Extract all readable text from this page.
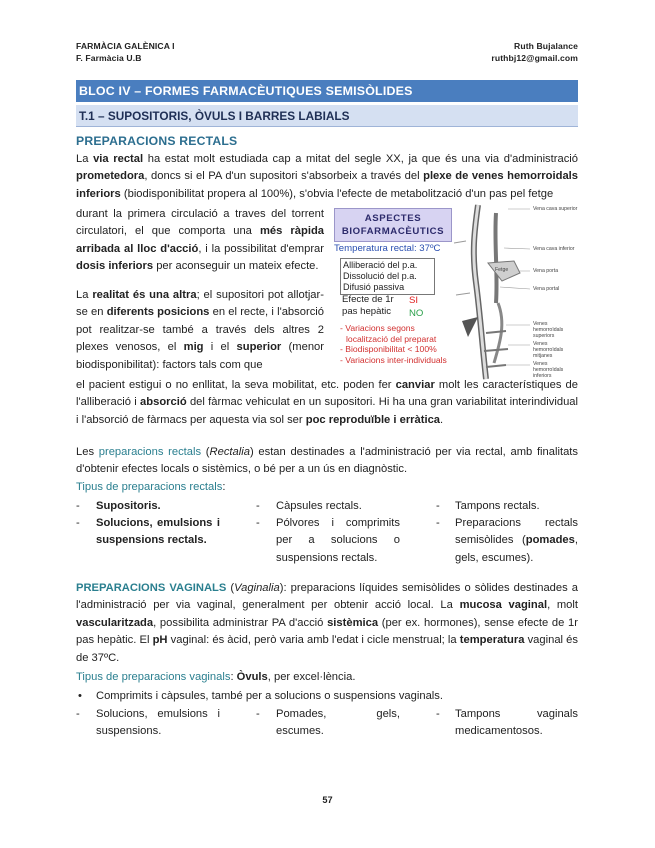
FARMÀCIA GALÈNICA I
F. Farmàcia U.B
Ruth Bujalance
ruthbj12@gmail.com
BLOC IV – FORMES FARMACÈUTIQUES SEMISÒLIDES
T.1 – SUPOSITORIS, ÒVULS I BARRES LABIALS
PREPARACIONS RECTALS
La via rectal ha estat molt estudiada cap a mitat del segle XX, ja que és una via d'administració prometedora, doncs si el PA d'un supositori s'absorbeix a través del plexe de venes hemorroidals inferiors (biodisponibilitat propera al 100%), s'obvia l'efecte de metabolització d'un pas pel fetge
durant la primera circulació a traves del torrent circulatori, el que comporta una més ràpida arribada al lloc d'acció, i la possibilitat d'emprar dosis inferiors per aconseguir un mateix efecte.
La realitat és una altra; el supositori pot allotjar-se en diferents posicions en el recte, i l'absorció pot realitzar-se també a través dels altres 2 plexes venosos, el mig i el superior (menor biodisponibilitat): factors tals com que
ASPECTES
BIOFARMACÈUTICS
Temperatura rectal: 37ºC
Alliberació del p.a.
Dissolució del p.a.
Difusió passiva
Efecte de 1r
pas hepàtic
SI
NO
- Variacions segons
localització del preparat
- Biodisponibilitat < 100%
- Variacions inter-individuals
Vena cava superior
Vena cava inferior
Fetge	Vena porta
Vena portal
Venes hemorroïdals superiors
Venes hemorroïdals mitjanes
Venes hemorroïdals inferiors
el pacient estigui o no enllitat, la seva mobilitat, etc. poden fer canviar molt les característiques de l'alliberació i absorció del fàrmac vehiculat en un supositori. Hi ha una gran variabilitat interindividual i l'absorció de fàrmacs per aquesta via sol ser poc reproduïble i erràtica.
Les preparacions rectals (Rectalia) estan destinades a l'administració per via rectal, amb finalitats d'obtenir efectes locals o sistèmics, o bé per a un ús en diagnòstic.
Tipus de preparacions rectals:
- Supositoris.
- Solucions, emulsions i suspensions rectals.
- Càpsules rectals.
- Pólvores i comprimits per a solucions o suspensions rectals.
- Tampons rectals.
- Preparacions rectals semisòlides (pomades, gels, escumes).
PREPARACIONS VAGINALS (Vaginalia): preparacions líquides semisòlides o sòlides destinades a l'administració per via vaginal, generalment per obtenir acció local. La mucosa vaginal, molt vascularitzada, possibilita administrar PA d'acció sistèmica (per ex. hormones), sense efecte de 1r pas hepàtic. El pH vaginal: és àcid, però varia amb l'edat i cicle menstrual; la temperatura vaginal és de 37ºC.
Tipus de preparacions vaginals: Òvuls, per excel·lència.
• Comprimits i càpsules, també per a solucions o suspensions vaginals.
- Solucions, emulsions i suspensions.
- Pomades, gels, escumes.
- Tampons vaginals medicamentosos.
57
